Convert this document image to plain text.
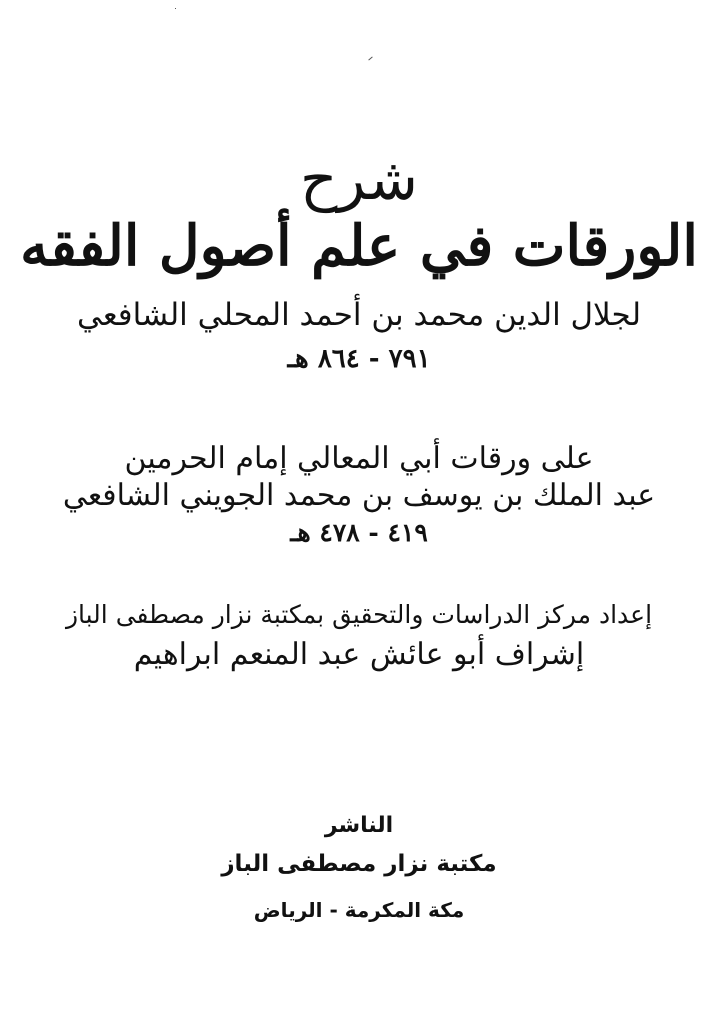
شرح
الورقات في علم أصول الفقه
لجلال الدين محمد بن أحمد المحلي الشافعي
٧٩١ - ٨٦٤ هـ
على ورقات أبي المعالي إمام الحرمين
عبد الملك بن يوسف بن محمد الجويني الشافعي
٤١٩ - ٤٧٨ هـ
إعداد مركز الدراسات والتحقيق بمكتبة نزار مصطفى الباز
إشراف أبو عائش عبد المنعم ابراهيم
الناشر
مكتبة نزار مصطفى الباز
مكة المكرمة - الرياض
